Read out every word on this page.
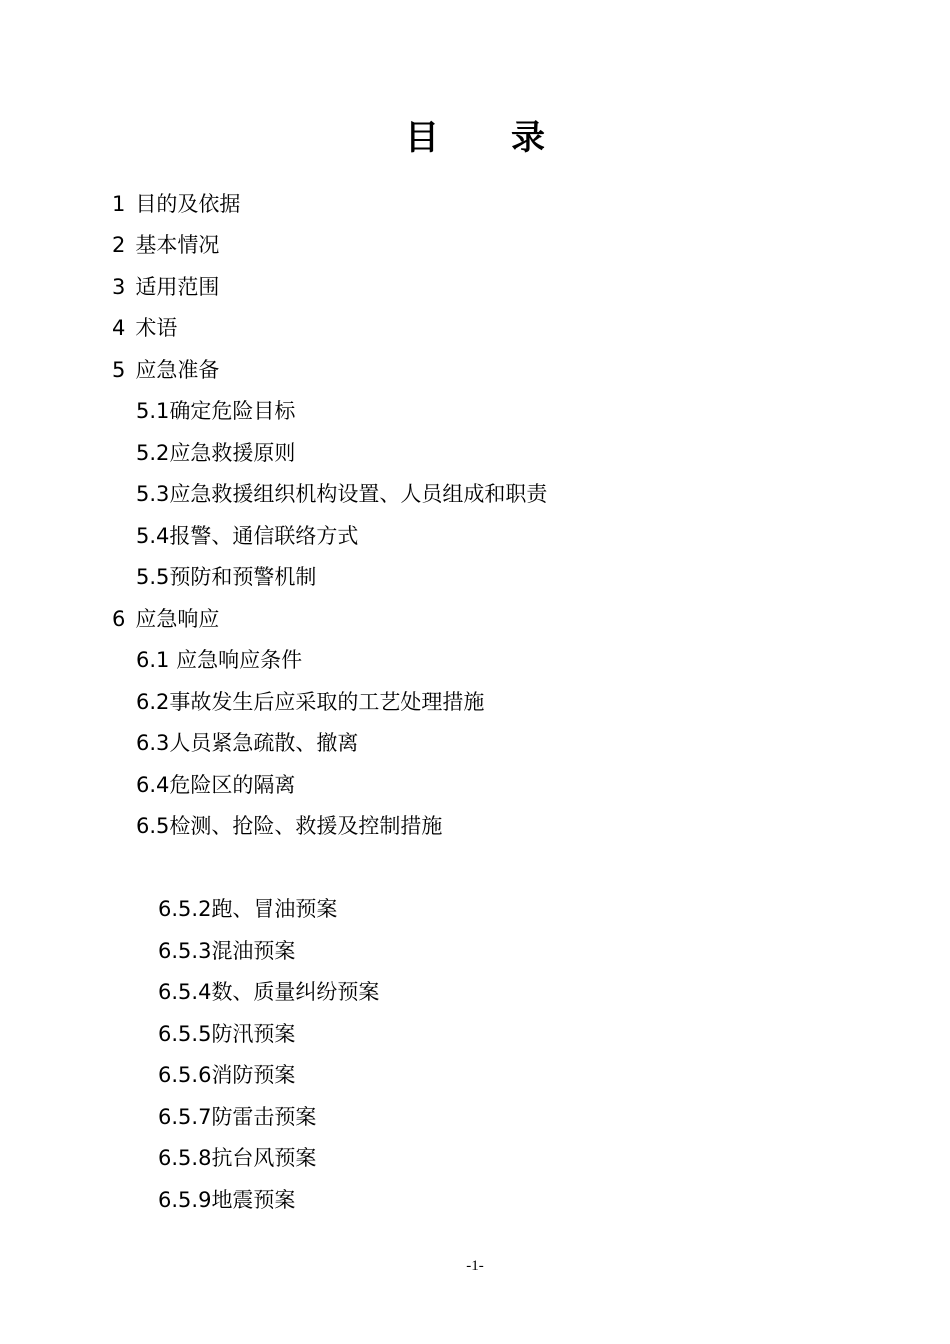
目 录
1 目的及依据
2 基本情况
3 适用范围
4 术语
5 应急准备
5.1确定危险目标
5.2应急救援原则
5.3应急救援组织机构设置、人员组成和职责
5.4报警、通信联络方式
5.5预防和预警机制
6 应急响应
6.1 应急响应条件
6.2事故发生后应采取的工艺处理措施
6.3人员紧急疏散、撤离
6.4危险区的隔离
6.5检测、抢险、救援及控制措施
6.5.2跑、冒油预案
6.5.3混油预案
6.5.4数、质量纠纷预案
6.5.5防汛预案
6.5.6消防预案
6.5.7防雷击预案
6.5.8抗台风预案
6.5.9地震预案
-1-
